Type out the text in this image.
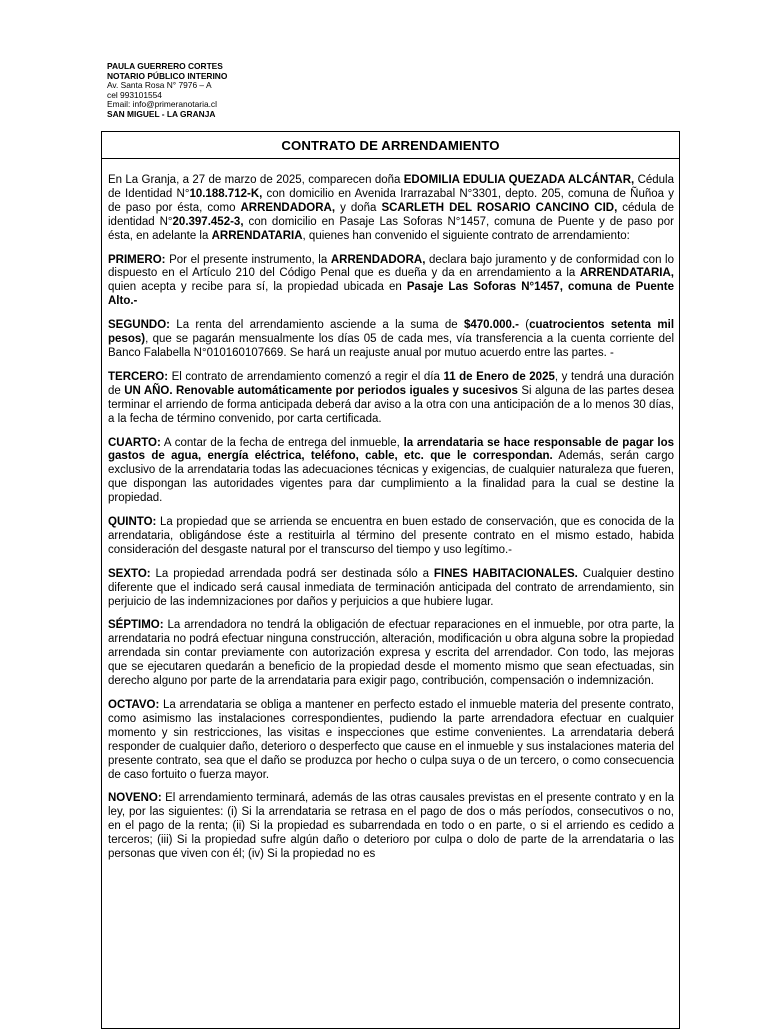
PAULA GUERRERO CORTES
NOTARIO PÚBLICO INTERINO
Av. Santa Rosa N° 7976 – A
cel 993101554
Email: info@primeranotaria.cl
SAN MIGUEL - LA GRANJA
CONTRATO DE ARRENDAMIENTO

En La Granja, a 27 de marzo de 2025, comparecen doña EDOMILIA EDULIA QUEZADA ALCÁNTAR, Cédula de Identidad N°10.188.712-K, con domicilio en Avenida Irarrazabal N°3301, depto. 205, comuna de Ñuñoa y de paso por ésta, como ARRENDADORA, y doña SCARLETH DEL ROSARIO CANCINO CID, cédula de identidad N°20.397.452-3, con domicilio en Pasaje Las Soforas N°1457, comuna de Puente y de paso por ésta, en adelante la ARRENDATARIA, quienes han convenido el siguiente contrato de arrendamiento:

PRIMERO: Por el presente instrumento, la ARRENDADORA, declara bajo juramento y de conformidad con lo dispuesto en el Artículo 210 del Código Penal que es dueña y da en arrendamiento a la ARRENDATARIA, quien acepta y recibe para sí, la propiedad ubicada en Pasaje Las Soforas N°1457, comuna de Puente Alto.-

SEGUNDO: La renta del arrendamiento asciende a la suma de $470.000.- (cuatrocientos setenta mil pesos), que se pagarán mensualmente los días 05 de cada mes, vía transferencia a la cuenta corriente del Banco Falabella N°010160107669. Se hará un reajuste anual por mutuo acuerdo entre las partes. -

TERCERO: El contrato de arrendamiento comenzó a regir el día 11 de Enero de 2025, y tendrá una duración de UN AÑO. Renovable automáticamente por periodos iguales y sucesivos Si alguna de las partes desea terminar el arriendo de forma anticipada deberá dar aviso a la otra con una anticipación de a lo menos 30 días, a la fecha de término convenido, por carta certificada.

CUARTO: A contar de la fecha de entrega del inmueble, la arrendataria se hace responsable de pagar los gastos de agua, energía eléctrica, teléfono, cable, etc. que le correspondan. Además, serán cargo exclusivo de la arrendataria todas las adecuaciones técnicas y exigencias, de cualquier naturaleza que fueren, que dispongan las autoridades vigentes para dar cumplimiento a la finalidad para la cual se destine la propiedad.

QUINTO: La propiedad que se arrienda se encuentra en buen estado de conservación, que es conocida de la arrendataria, obligándose éste a restituirla al término del presente contrato en el mismo estado, habida consideración del desgaste natural por el transcurso del tiempo y uso legítimo.-

SEXTO: La propiedad arrendada podrá ser destinada sólo a FINES HABITACIONALES. Cualquier destino diferente que el indicado será causal inmediata de terminación anticipada del contrato de arrendamiento, sin perjuicio de las indemnizaciones por daños y perjuicios a que hubiere lugar.

SÉPTIMO: La arrendadora no tendrá la obligación de efectuar reparaciones en el inmueble, por otra parte, la arrendataria no podrá efectuar ninguna construcción, alteración, modificación u obra alguna sobre la propiedad arrendada sin contar previamente con autorización expresa y escrita del arrendador. Con todo, las mejoras que se ejecutaren quedarán a beneficio de la propiedad desde el momento mismo que sean efectuadas, sin derecho alguno por parte de la arrendataria para exigir pago, contribución, compensación o indemnización.

OCTAVO: La arrendataria se obliga a mantener en perfecto estado el inmueble materia del presente contrato, como asimismo las instalaciones correspondientes, pudiendo la parte arrendadora efectuar en cualquier momento y sin restricciones, las visitas e inspecciones que estime convenientes. La arrendataria deberá responder de cualquier daño, deterioro o desperfecto que cause en el inmueble y sus instalaciones materia del presente contrato, sea que el daño se produzca por hecho o culpa suya o de un tercero, o como consecuencia de caso fortuito o fuerza mayor.

NOVENO: El arrendamiento terminará, además de las otras causales previstas en el presente contrato y en la ley, por las siguientes: (i) Si la arrendataria se retrasa en el pago de dos o más períodos, consecutivos o no, en el pago de la renta; (ii) Si la propiedad es subarrendada en todo o en parte, o si el arriendo es cedido a terceros; (iii) Si la propiedad sufre algún daño o deterioro por culpa o dolo de parte de la arrendataria o las personas que viven con él; (iv) Si la propiedad no es
